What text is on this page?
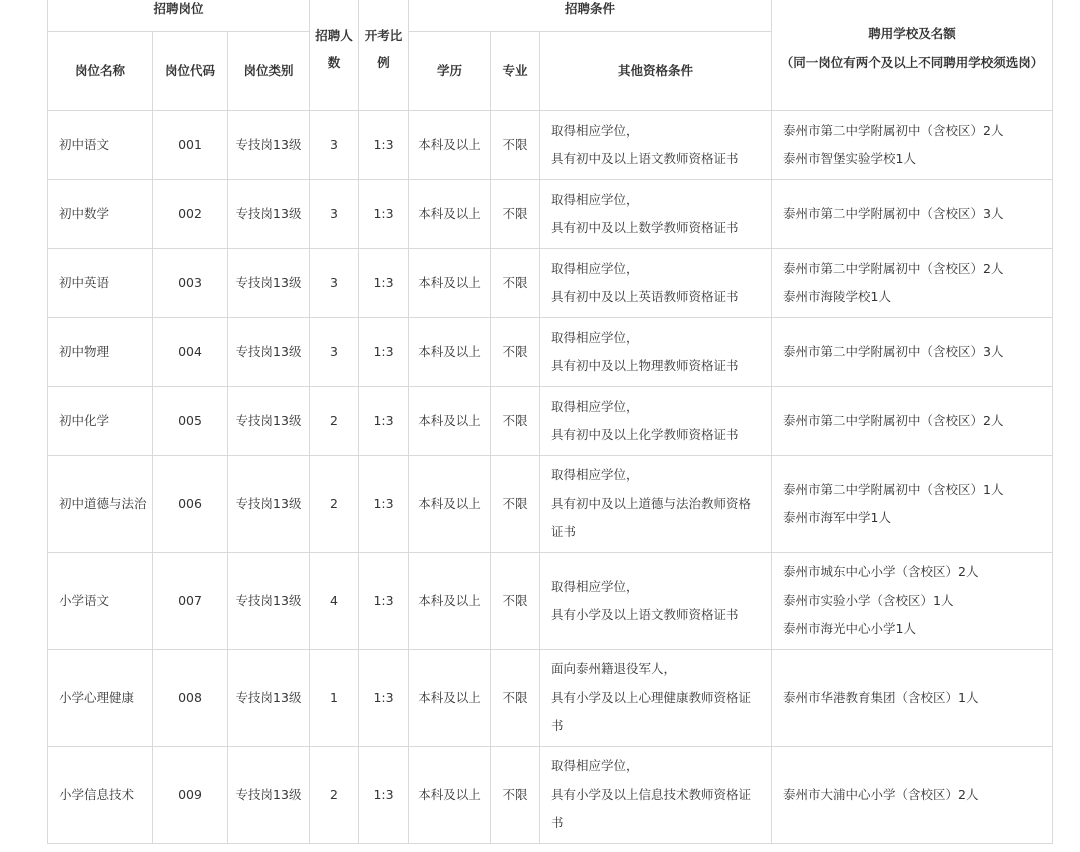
招聘岗位			招聘人数	开考比例	招聘条件			聘用学校及名额
（同一岗位有两个及以上不同聘用学校须选岗）

岗位名称	岗位代码	岗位类别			学历	专业	其他资格条件	
初中语文	001	专技岗13级	3	1:3	本科及以上	不限	取得相应学位，
具有初中及以上语文教师资格证书	泰州市第二中学附属初中（含校区）2人
泰州市智堡实验学校1人

初中数学	002	专技岗13级	3	1:3	本科及以上	不限	取得相应学位，
具有初中及以上数学教师资格证书	泰州市第二中学附属初中（含校区）3人

初中英语	003	专技岗13级	3	1:3	本科及以上	不限	取得相应学位，
具有初中及以上英语教师资格证书	泰州市第二中学附属初中（含校区）2人
泰州市海陵学校1人

初中物理	004	专技岗13级	3	1:3	本科及以上	不限	取得相应学位，
具有初中及以上物理教师资格证书	泰州市第二中学附属初中（含校区）3人

初中化学	005	专技岗13级	2	1:3	本科及以上	不限	取得相应学位，
具有初中及以上化学教师资格证书	泰州市第二中学附属初中（含校区）2人

初中道德与法治	006	专技岗13级	2	1:3	本科及以上	不限	取得相应学位，
具有初中及以上道德与法治教师资格证书	泰州市第二中学附属初中（含校区）1人
泰州市海军中学1人

小学语文	007	专技岗13级	4	1:3	本科及以上	不限	取得相应学位，
具有小学及以上语文教师资格证书	泰州市城东中心小学（含校区）2人
泰州市实验小学（含校区）1人
泰州市海光中心小学1人

小学心理健康	008	专技岗13级	1	1:3	本科及以上	不限	面向泰州籍退役军人，
具有小学及以上心理健康教师资格证书	泰州市华港教育集团（含校区）1人

小学信息技术	009	专技岗13级	2	1:3	本科及以上	不限	取得相应学位，
具有小学及以上信息技术教师资格证书	泰州市大浦中心小学（含校区）2人
